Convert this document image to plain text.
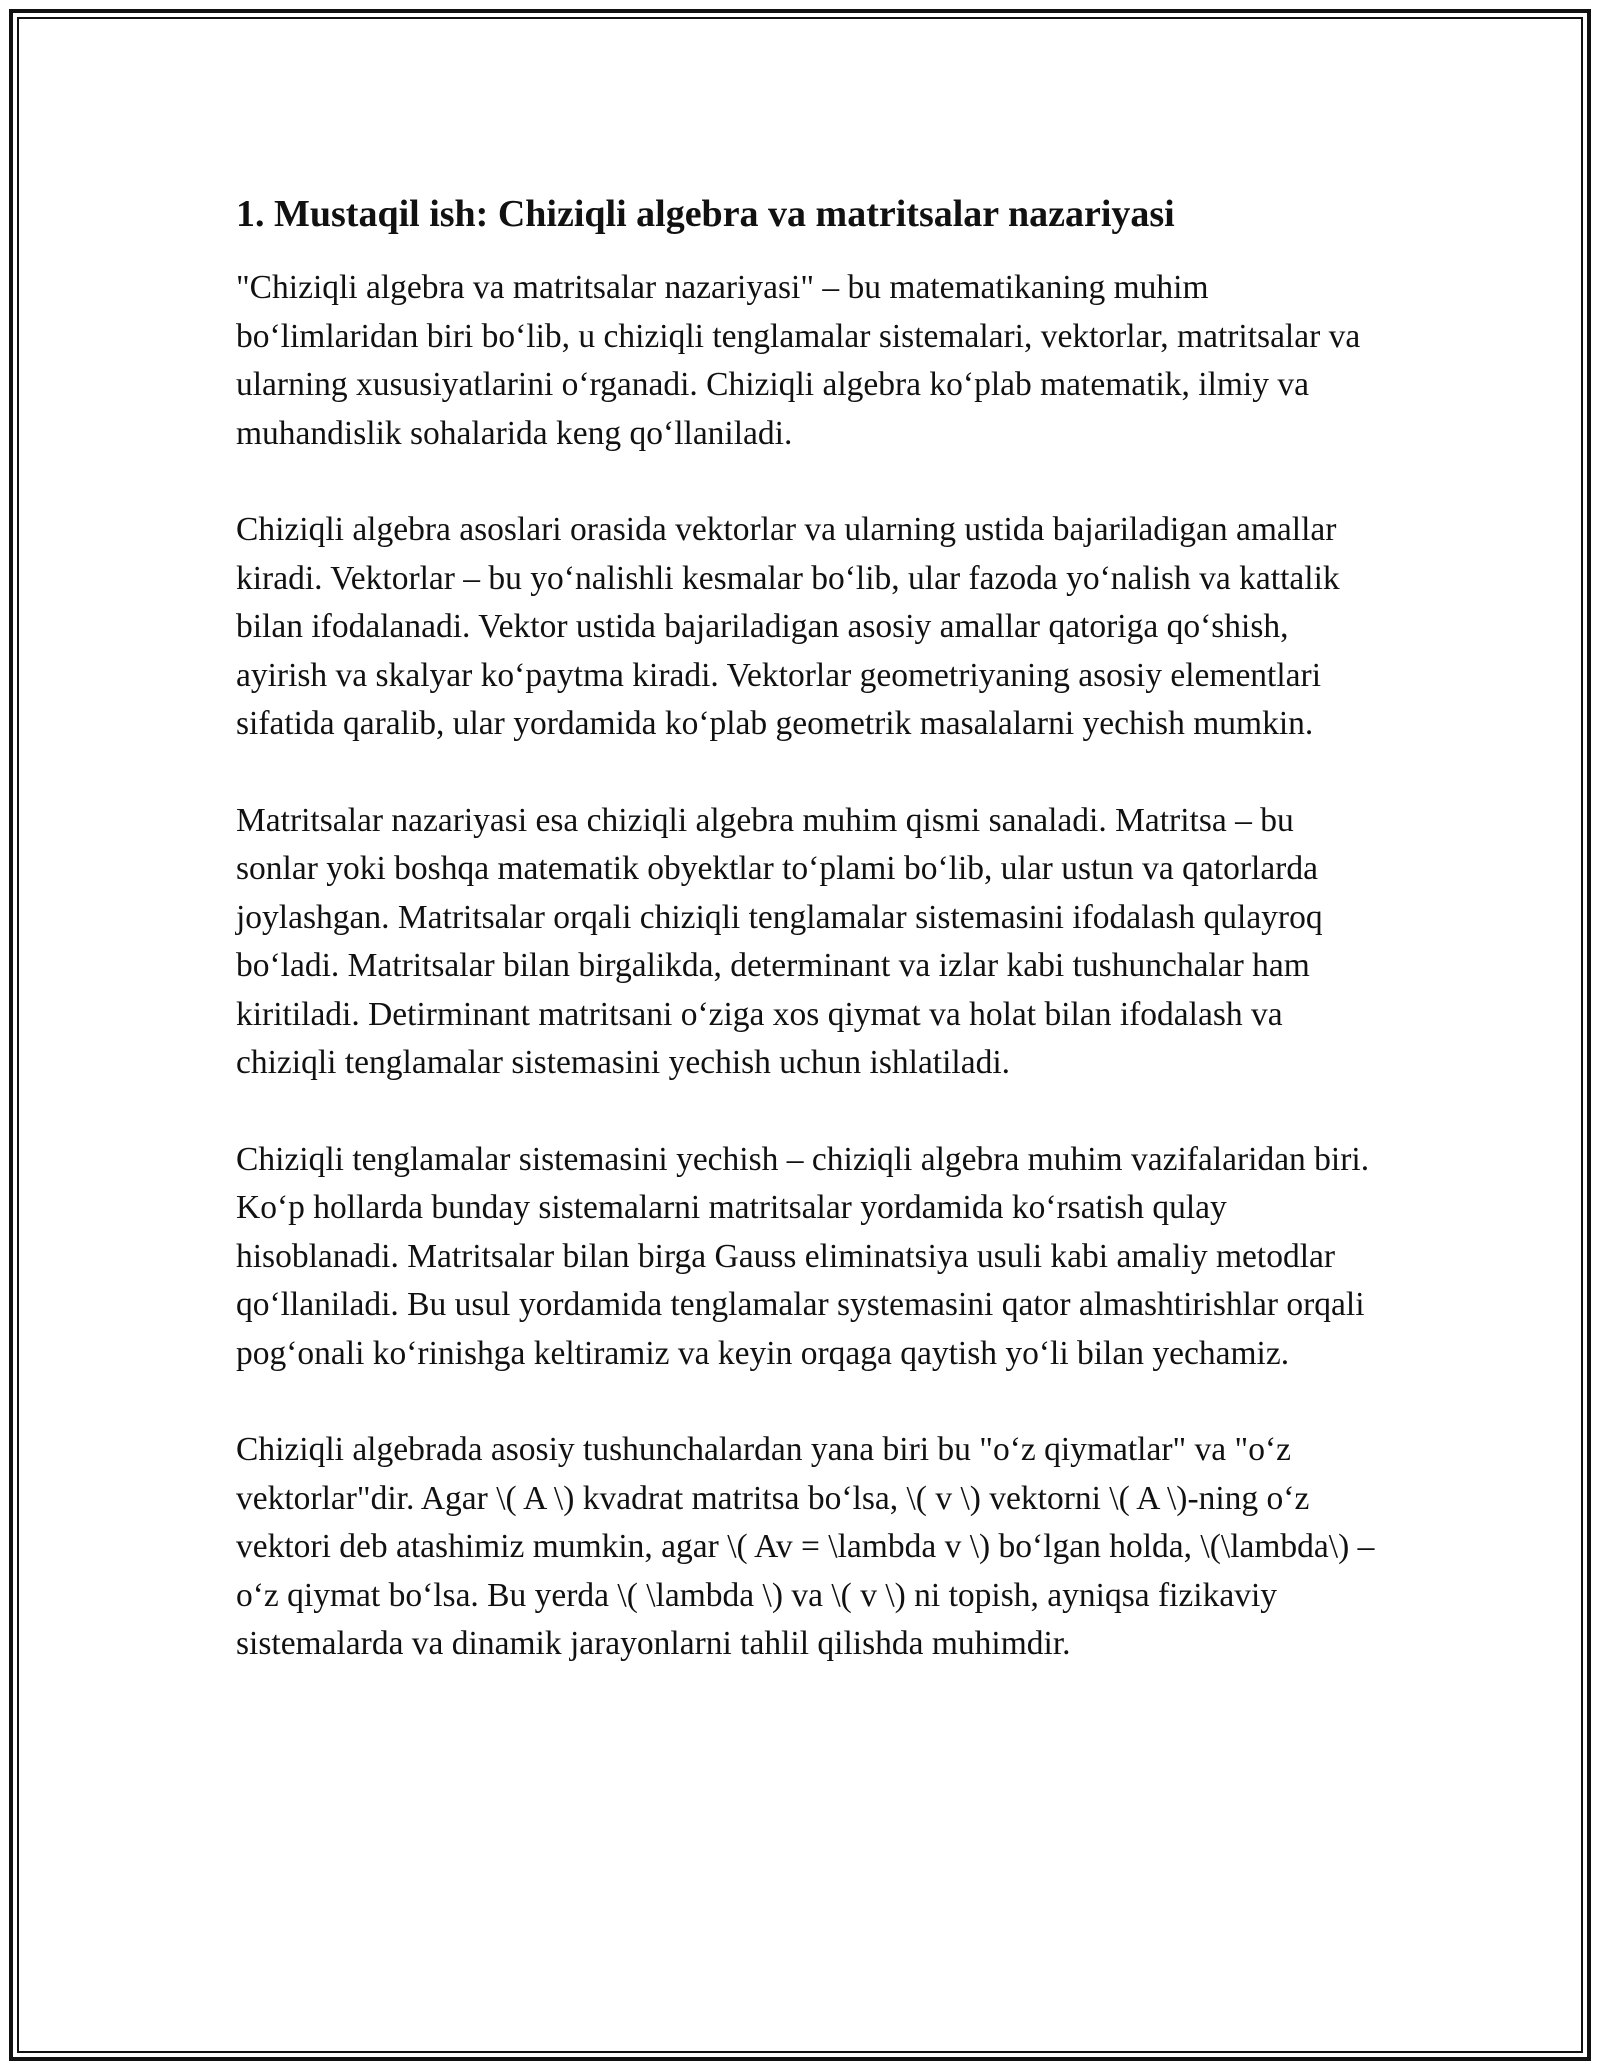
1. Mustaqil ish: Chiziqli algebra va matritsalar nazariyasi

"Chiziqli algebra va matritsalar nazariyasi" – bu matematikaning muhim bo‘limlaridan biri bo‘lib, u chiziqli tenglamalar sistemalari, vektorlar, matritsalar va ularning xususiyatlarini o‘rganadi. Chiziqli algebra ko‘plab matematik, ilmiy va muhandislik sohalarida keng qo‘llaniladi.

Chiziqli algebra asoslari orasida vektorlar va ularning ustida bajariladigan amallar kiradi. Vektorlar – bu yo‘nalishli kesmalar bo‘lib, ular fazoda yo‘nalish va kattalik bilan ifodalanadi. Vektor ustida bajariladigan asosiy amallar qatoriga qo‘shish, ayirish va skalyar ko‘paytma kiradi. Vektorlar geometriyaning asosiy elementlari sifatida qaralib, ular yordamida ko‘plab geometrik masalalarni yechish mumkin.

Matritsalar nazariyasi esa chiziqli algebra muhim qismi sanaladi. Matritsa – bu sonlar yoki boshqa matematik obyektlar to‘plami bo‘lib, ular ustun va qatorlarda joylashgan. Matritsalar orqali chiziqli tenglamalar sistemasini ifodalash qulayroq bo‘ladi. Matritsalar bilan birgalikda, determinant va izlar kabi tushunchalar ham kiritiladi. Detirminant matritsani o‘ziga xos qiymat va holat bilan ifodalash va chiziqli tenglamalar sistemasini yechish uchun ishlatiladi.

Chiziqli tenglamalar sistemasini yechish – chiziqli algebra muhim vazifalaridan biri. Ko‘p hollarda bunday sistemalarni matritsalar yordamida ko‘rsatish qulay hisoblanadi. Matritsalar bilan birga Gauss eliminatsiya usuli kabi amaliy metodlar qo‘llaniladi. Bu usul yordamida tenglamalar systemasini qator almashtirishlar orqali pog‘onali ko‘rinishga keltiramiz va keyin orqaga qaytish yo‘li bilan yechamiz.

Chiziqli algebrada asosiy tushunchalardan yana biri bu "o‘z qiymatlar" va "o‘z vektorlar"dir. Agar \( A \) kvadrat matritsa bo‘lsa, \( v \) vektorni \( A \)-ning o‘z vektori deb atashimiz mumkin, agar \( Av = \lambda v \) bo‘lgan holda, \(\lambda\) – o‘z qiymat bo‘lsa. Bu yerda \( \lambda \) va \( v \) ni topish, ayniqsa fizikaviy sistemalarda va dinamik jarayonlarni tahlil qilishda muhimdir.
